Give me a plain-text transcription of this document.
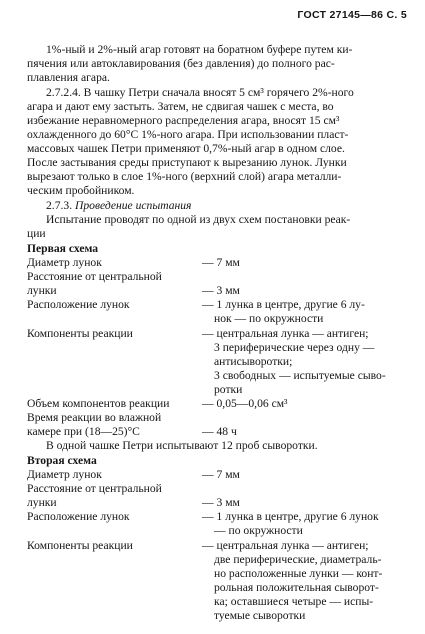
ГОСТ 27145—86 С. 5
1%-ный и 2%-ный агар готовят на боратном буфере путем ки-
пячения или автоклавирования (без давления) до полного рас-
плавления агара.
2.7.2.4. В чашку Петри сначала вносят 5 см³ горячего 2%-ного
агара и дают ему застыть. Затем, не сдвигая чашек с места, во
избежание неравномерного распределения агара, вносят 15 см³
охлажденного до 60°С 1%-ного агара. При использовании пласт-
массовых чашек Петри применяют 0,7%-ный агар в одном слое.
После застывания среды приступают к вырезанию лунок. Лунки
вырезают только в слое 1%-ного (верхний слой) агара металли-
ческим пробойником.
2.7.3. Проведение испытания
Испытание проводят по одной из двух схем постановки реак-
ции
Первая схема
Диаметр лунок	— 7 мм
Расстояние от центральной
лунки	— 3 мм
Расположение лунок	— 1 лунка в центре, другие 6 лу-
нок — по окружности
Компоненты реакции	— центральная лунка — антиген;
3 периферические через одну —
антисыворотки;
3 свободных — испытуемые сыво-
ротки
Объем компонентов реакции	— 0,05—0,06 см³
Время реакции во влажной
камере при (18—25)°С	— 48 ч
В одной чашке Петри испытывают 12 проб сыворотки.
Вторая схема
Диаметр лунок	— 7 мм
Расстояние от центральной
лунки	— 3 мм
Расположение лунок	— 1 лунка в центре, другие 6 лунок
— по окружности
Компоненты реакции	— центральная лунка — антиген;
две периферические, диаметраль-
но расположенные лунки — конт-
рольная положительная сыворот-
ка; оставшиеся четыре — испы-
туемые сыворотки
